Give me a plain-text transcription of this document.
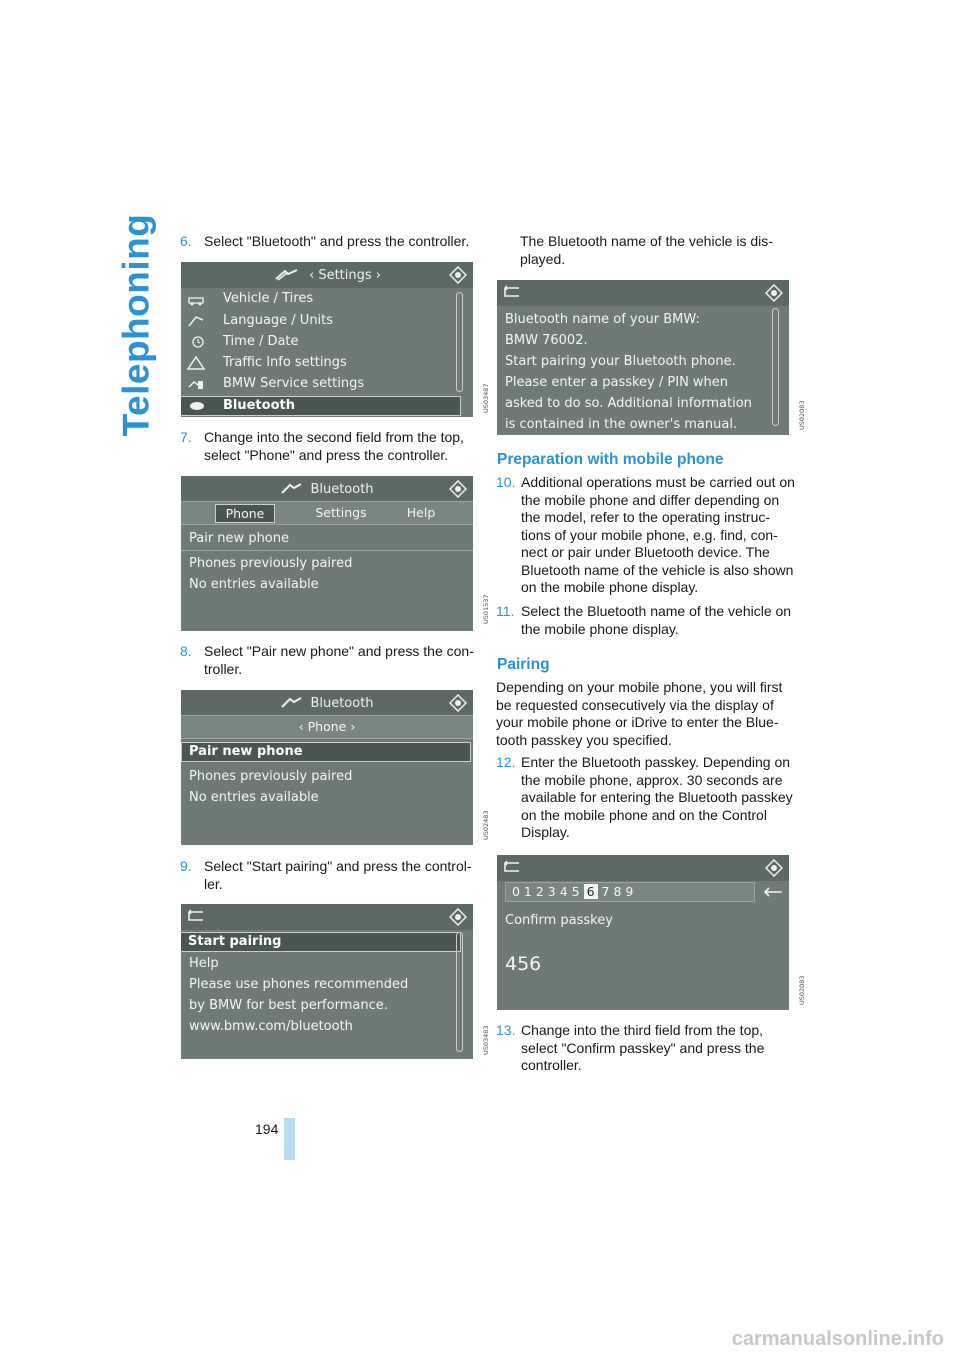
Telephoning 6. Select "Bluetooth" and press the controller.
‹ Settings ›
Vehicle / Tires
Language / Units
Time / Date
Traffic Info settings
BMW Service settings
Bluetooth	US03487
7. Change into the second field from the top, select "Phone" and press the controller.
Bluetooth
Phone	Settings	Help
Pair new phone
Phones previously paired
No entries available
US01537
8. Select "Pair new phone" and press the con-troller.
Bluetooth
‹ Phone ›
Pair new phone
Phones previously paired
No entries available
US02483
9. Select "Start pairing" and press the control-ler.
Start pairing
Help
Please use phones recommended
by BMW for best performance.
www.bmw.com/bluetooth	US03483
The Bluetooth name of the vehicle is dis-played.
Bluetooth name of your BMW:
BMW 76002.
Start pairing your Bluetooth phone.
Please enter a passkey / PIN when
asked to do so. Additional information
is contained in the owner's manual.	US02083
Preparation with mobile phone
10. Additional operations must be carried out on the mobile phone and differ depending on the model, refer to the operating instruc-tions of your mobile phone, e.g. find, con-nect or pair under Bluetooth device. The Bluetooth name of the vehicle is also shown on the mobile phone display.
11. Select the Bluetooth name of the vehicle on the mobile phone display.
Pairing
Depending on your mobile phone, you will first be requested consecutively via the display of your mobile phone or iDrive to enter the Blue-tooth passkey you specified.
12. Enter the Bluetooth passkey. Depending on the mobile phone, approx. 30 seconds are available for entering the Bluetooth passkey on the mobile phone and on the Control Display.
0 1 2 3 4 5 6 7 8 9
Confirm passkey
456
US02083
13. Change into the third field from the top, select "Confirm passkey" and press the controller.
194
carmanualsonline.info
